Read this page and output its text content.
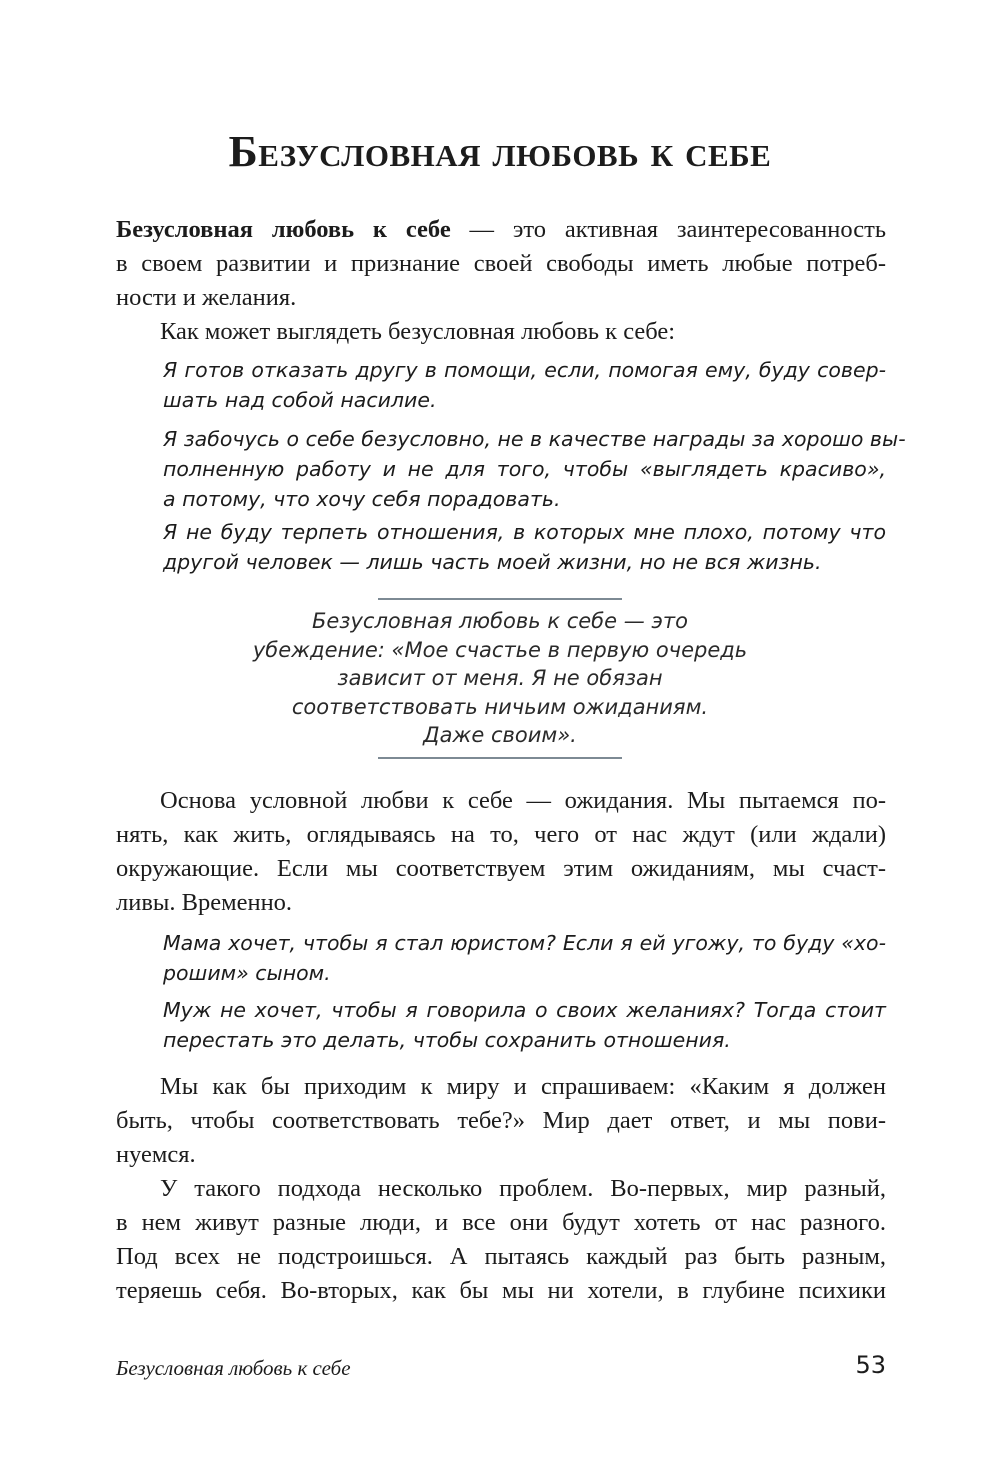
Безусловная любовь к себе

Безусловная любовь к себе — это активная заинтересованность
в своем развитии и признание своей свободы иметь любые потреб-
ности и желания.

Как может выглядеть безусловная любовь к себе:

Я готов отказать другу в помощи, если, помогая ему, буду совер-
шать над собой насилие.

Я забочусь о себе безусловно, не в качестве награды за хорошо вы-
полненную работу и не для того, чтобы «выглядеть красиво»,
а потому, что хочу себя порадовать.

Я не буду терпеть отношения, в которых мне плохо, потому что
другой человек — лишь часть моей жизни, но не вся жизнь.

Безусловная любовь к себе — это
убеждение: «Мое счастье в первую очередь
зависит от меня. Я не обязан
соответствовать ничьим ожиданиям.
Даже своим».

Основа условной любви к себе — ожидания. Мы пытаемся по-
нять, как жить, оглядываясь на то, чего от нас ждут (или ждали)
окружающие. Если мы соответствуем этим ожиданиям, мы счаст-
ливы. Временно.

Мама хочет, чтобы я стал юристом? Если я ей угожу, то буду «хо-
рошим» сыном.

Муж не хочет, чтобы я говорила о своих желаниях? Тогда стоит
перестать это делать, чтобы сохранить отношения.

Мы как бы приходим к миру и спрашиваем: «Каким я должен
быть, чтобы соответствовать тебе?» Мир дает ответ, и мы пови-
нуемся.

У такого подхода несколько проблем. Во-первых, мир разный,
в нем живут разные люди, и все они будут хотеть от нас разного.
Под всех не подстроишься. А пытаясь каждый раз быть разным,
теряешь себя. Во-вторых, как бы мы ни хотели, в глубине психики

Безусловная любовь к себе	53
